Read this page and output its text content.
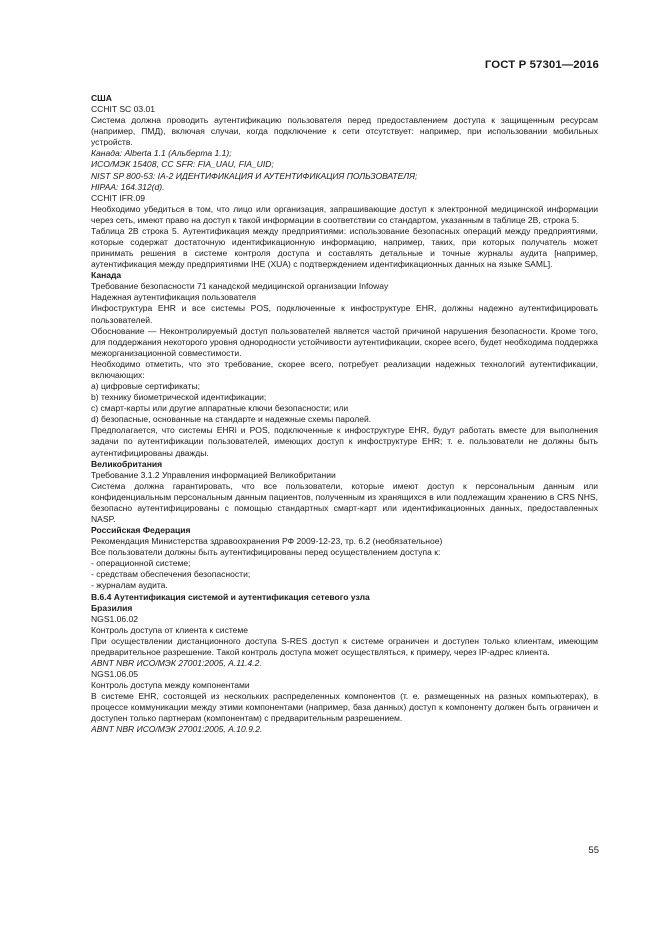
ГОСТ Р 57301—2016

США

CCHIT SC 03.01

Система должна проводить аутентификацию пользователя перед предоставлением доступа к защищенным ресурсам (например, ПМД), включая случаи, когда подключение к сети отсутствует: например, при использовании мобильных устройств.

Канада: Alberta 1.1 (Альберта 1.1);

ИСО/МЭК 15408, CC SFR: FIA_UAU, FIA_UID;

NIST SP 800-53: IA-2 ИДЕНТИФИКАЦИЯ И АУТЕНТИФИКАЦИЯ ПОЛЬЗОВАТЕЛЯ;

HIPAA: 164.312(d).

CCHIT IFR.09

Необходимо убедиться в том, что лицо или организация, запрашивающие доступ к электронной медицинской информации через сеть, имеют право на доступ к такой информации в соответствии со стандартом, указанным в таблице 2В, строка 5.

Таблица 2В строка 5. Аутентификация между предприятиями: использование безопасных операций между предприятиями, которые содержат достаточную идентификационную информацию, например, таких, при которых получатель может принимать решения в системе контроля доступа и составлять детальные и точные журналы аудита [например, аутентификация между предприятиями IHE (XUA) с подтверждением идентификационных данных на языке SAML].

Канада

Требование безопасности 71 канадской медицинской организации Infoway

Надежная аутентификация пользователя

Инфоструктура EHR и все системы POS, подключенные к инфоструктуре EHR, должны надежно аутентифицировать пользователей.

Обоснование — Неконтролируемый доступ пользователей является частой причиной нарушения безопасности. Кроме того, для поддержания некоторого уровня однородности устойчивости аутентификации, скорее всего, будет необходима поддержка межорганизационной совместимости.

Необходимо отметить, что это требование, скорее всего, потребует реализации надежных технологий аутентификации, включающих:

а) цифровые сертификаты;

b) технику биометрической идентификации;

c) смарт-карты или другие аппаратные ключи безопасности; или

d) безопасные, основанные на стандарте и надежные схемы паролей.

Предполагается, что системы EHRi и POS, подключенные к инфоструктуре EHR, будут работать вместе для выполнения задачи по аутентификации пользователей, имеющих доступ к инфоструктуре EHR; т. е. пользователи не должны быть аутентифицированы дважды.

Великобритания

Требование 3.1.2 Управления информацией Великобритании

Система должна гарантировать, что все пользователи, которые имеют доступ к персональным данным или конфиденциальным персональным данным пациентов, полученным из хранящихся в или подлежащим хранению в CRS NHS, безопасно аутентифицированы с помощью стандартных смарт-карт или идентификационных данных, предоставленных NASP.

Российская Федерация

Рекомендация Министерства здравоохранения РФ 2009-12-23, тр. 6.2 (необязательное)

Все пользователи должны быть аутентифицированы перед осуществлением доступа к:

- операционной системе;

- средствам обеспечения безопасности;

- журналам аудита.

B.6.4 Аутентификация системой и аутентификация сетевого узла

Бразилия

NGS1.06.02

Контроль доступа от клиента к системе

При осуществлении дистанционного доступа S-RES доступ к системе ограничен и доступен только клиентам, имеющим предварительное разрешение. Такой контроль доступа может осуществляться, к примеру, через IP-адрес клиента.

ABNT NBR ИСО/МЭК 27001:2005, A.11.4.2.

NGS1.06.05

Контроль доступа между компонентами

В системе EHR, состоящей из нескольких распределенных компонентов (т. е. размещенных на разных компьютерах), в процессе коммуникации между этими компонентами (например, база данных) доступ к компоненту должен быть ограничен и доступен только партнерам (компонентам) с предварительным разрешением.

ABNT NBR ИСО/МЭК 27001:2005, A.10.9.2.

55
